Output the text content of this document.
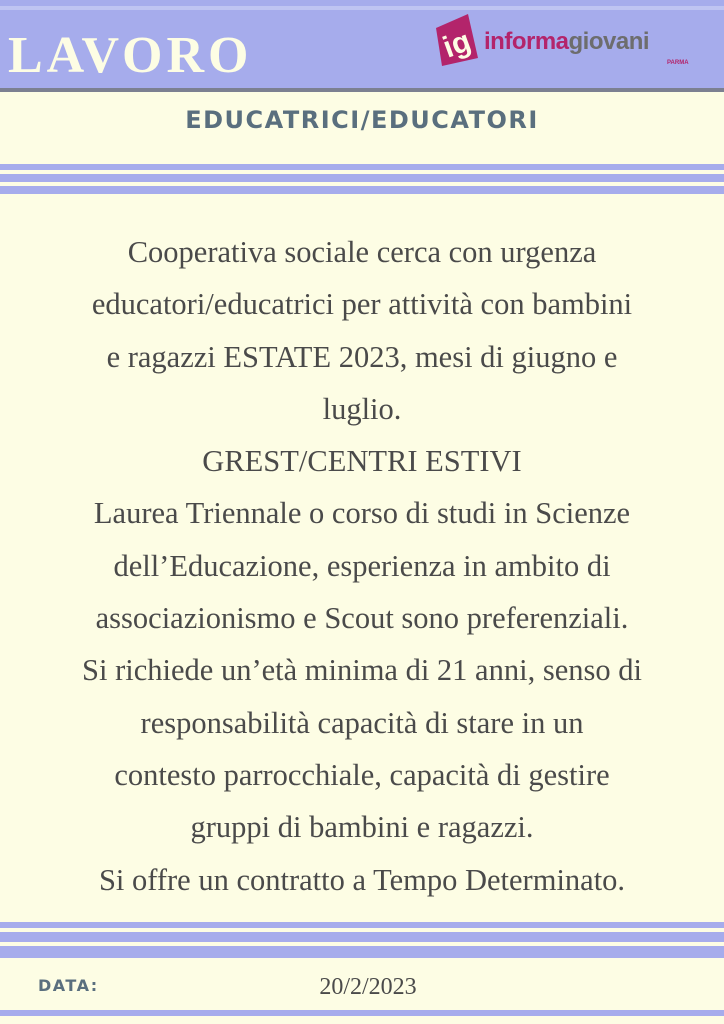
LAVORO	ig informagiovani
PARMA
EDUCATRICI/EDUCATORI
Cooperativa sociale cerca con urgenza
educatori/educatrici per attività con bambini
e ragazzi ESTATE 2023, mesi di giugno e
luglio.
GREST/CENTRI ESTIVI
Laurea Triennale o corso di studi in Scienze
dell’Educazione, esperienza in ambito di
associazionismo e Scout sono preferenziali.
Si richiede un’età minima di 21 anni, senso di
responsabilità capacità di stare in un
contesto parrocchiale, capacità di gestire
gruppi di bambini e ragazzi.
Si offre un contratto a Tempo Determinato.
DATA:	20/2/2023
